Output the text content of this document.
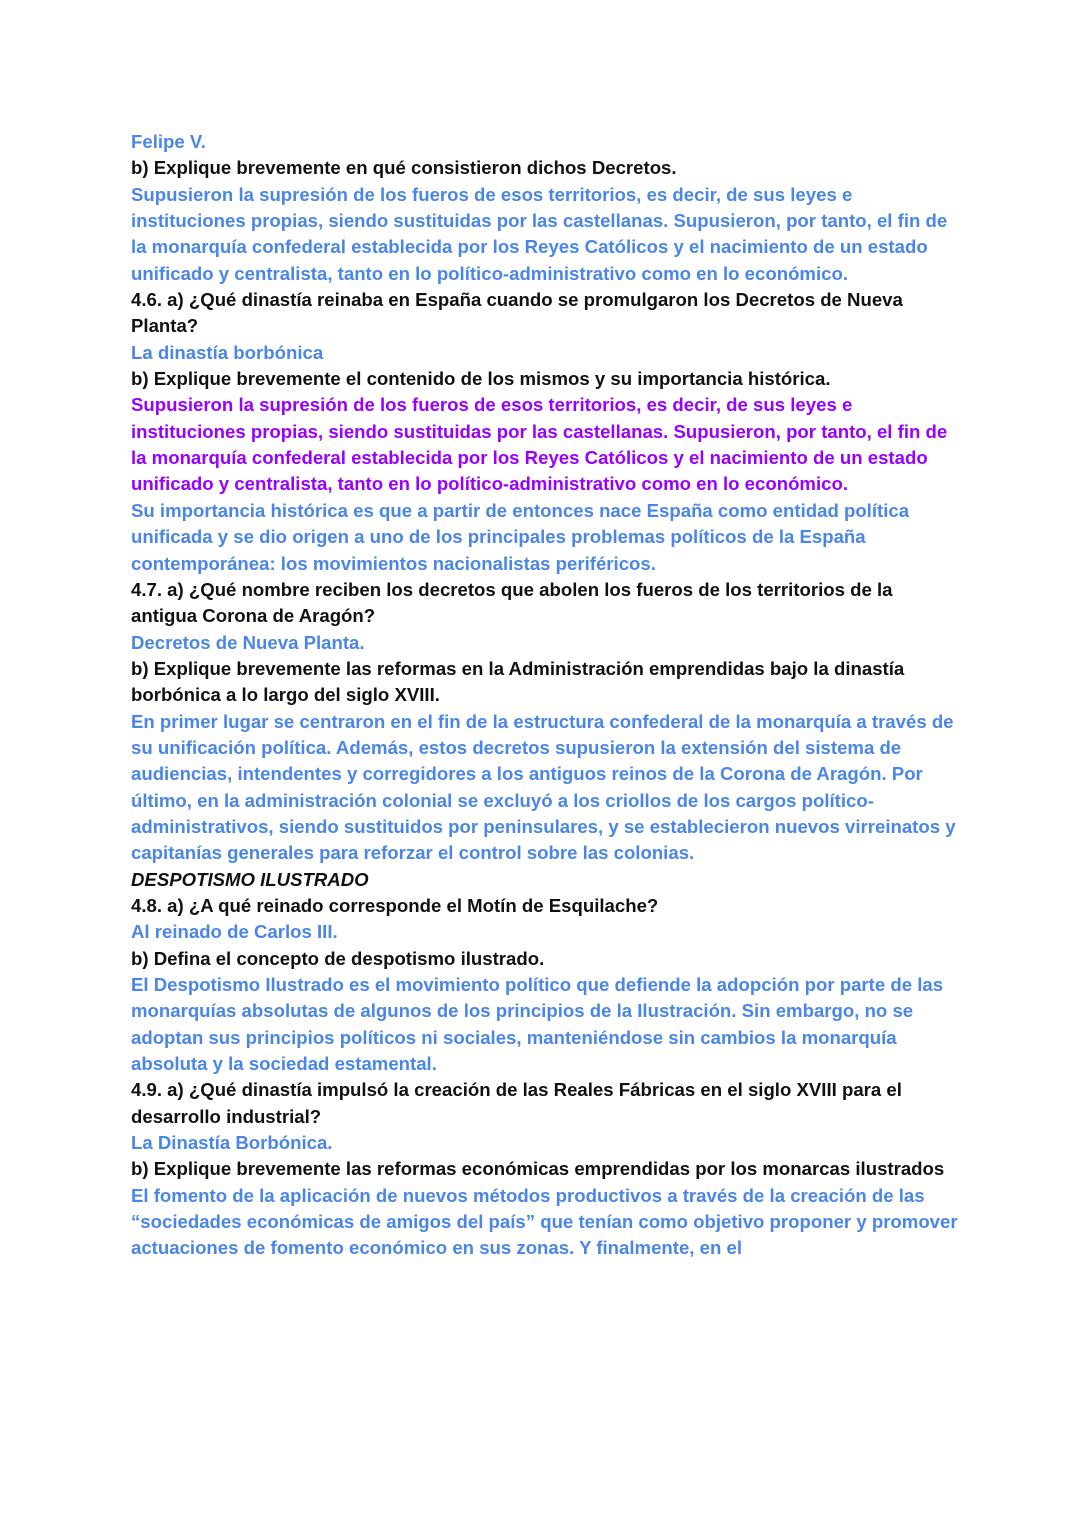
Felipe V.

b) Explique brevemente en qué consistieron dichos Decretos.

Supusieron la supresión de los fueros de esos territorios, es decir, de sus leyes e instituciones propias, siendo sustituidas por las castellanas. Supusieron, por tanto, el fin de la monarquía confederal establecida por los Reyes Católicos y el nacimiento de un estado unificado y centralista, tanto en lo político-administrativo como en lo económico.

4.6. a) ¿Qué dinastía reinaba en España cuando se promulgaron los Decretos de Nueva Planta?

La dinastía borbónica

b) Explique brevemente el contenido de los mismos y su importancia histórica.

Supusieron la supresión de los fueros de esos territorios, es decir, de sus leyes e instituciones propias, siendo sustituidas por las castellanas. Supusieron, por tanto, el fin de la monarquía confederal establecida por los Reyes Católicos y el nacimiento de un estado unificado y centralista, tanto en lo político-administrativo como en lo económico.

Su importancia histórica es que a partir de entonces nace España como entidad política unificada y se dio origen a uno de los principales problemas políticos de la España contemporánea: los movimientos nacionalistas periféricos.

4.7. a) ¿Qué nombre reciben los decretos que abolen los fueros de los territorios de la antigua Corona de Aragón?

Decretos de Nueva Planta.

b) Explique brevemente las reformas en la Administración emprendidas bajo la dinastía borbónica a lo largo del siglo XVIII.

En primer lugar se centraron en el fin de la estructura confederal de la monarquía a través de su unificación política. Además, estos decretos supusieron la extensión del sistema de audiencias, intendentes y corregidores a los antiguos reinos de la Corona de Aragón. Por último, en la administración colonial se excluyó a los criollos de los cargos político-administrativos, siendo sustituidos por peninsulares, y se establecieron nuevos virreinatos y capitanías generales para reforzar el control sobre las colonias.

DESPOTISMO ILUSTRADO

4.8. a) ¿A qué reinado corresponde el Motín de Esquilache?

Al reinado de Carlos III.

b) Defina el concepto de despotismo ilustrado.

El Despotismo Ilustrado es el movimiento político que defiende la adopción por parte de las monarquías absolutas de algunos de los principios de la Ilustración. Sin embargo, no se adoptan sus principios políticos ni sociales, manteniéndose sin cambios la monarquía absoluta y la sociedad estamental.

4.9. a) ¿Qué dinastía impulsó la creación de las Reales Fábricas en el siglo XVIII para el desarrollo industrial?

La Dinastía Borbónica.

b) Explique brevemente las reformas económicas emprendidas por los monarcas ilustrados

El fomento de la aplicación de nuevos métodos productivos a través de la creación de las “sociedades económicas de amigos del país” que tenían como objetivo proponer y promover actuaciones de fomento económico en sus zonas. Y finalmente, en el
